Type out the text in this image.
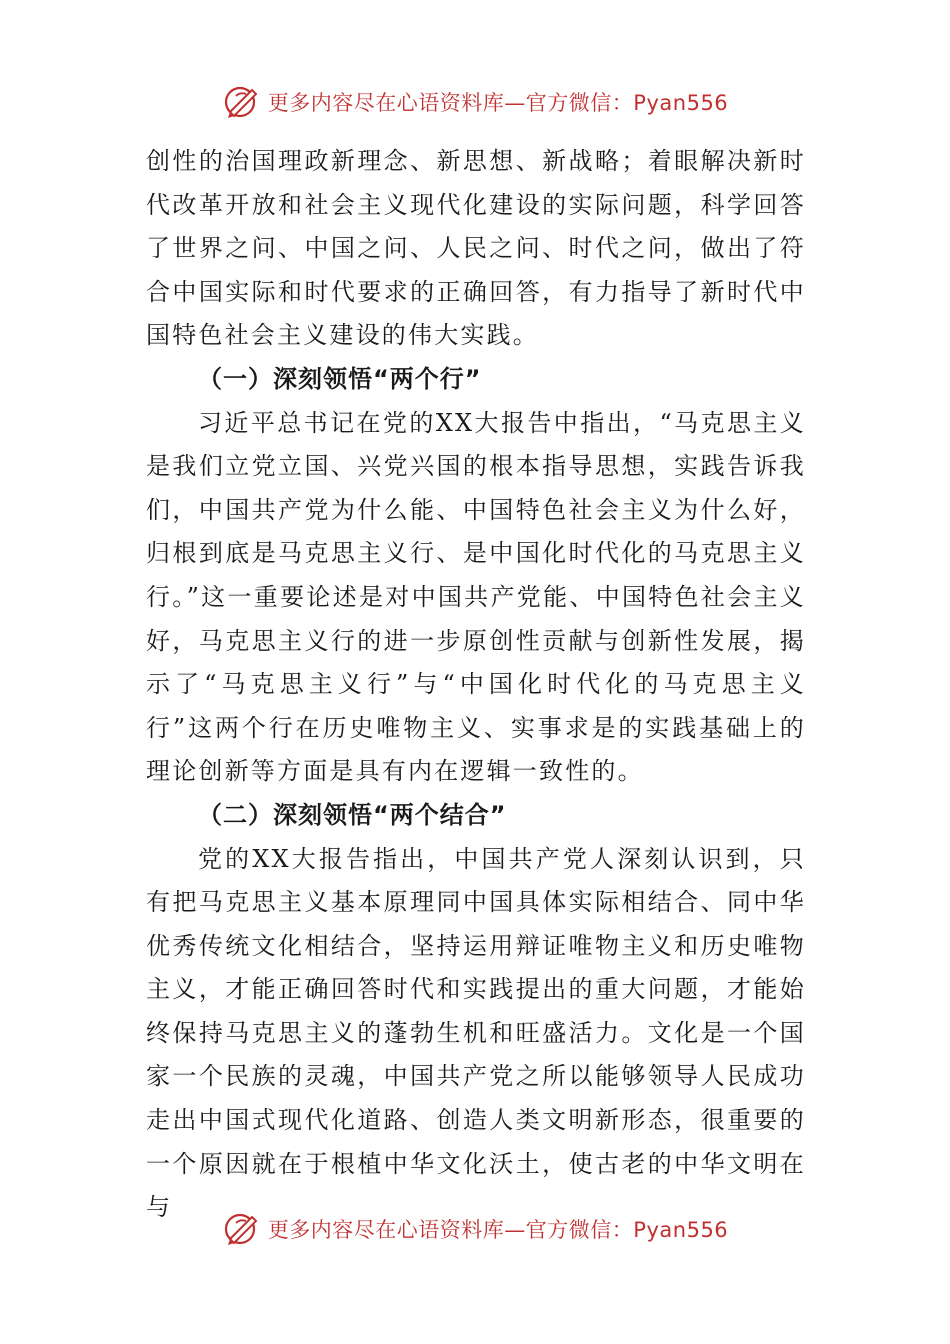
更多内容尽在心语资料库—官方微信：Pyan556

创性的治国理政新理念、新思想、新战略；着眼解决新时代改革开放和社会主义现代化建设的实际问题，科学回答了世界之问、中国之问、人民之问、时代之问，做出了符合中国实际和时代要求的正确回答，有力指导了新时代中国特色社会主义建设的伟大实践。

（一）深刻领悟“两个行”

习近平总书记在党的XX大报告中指出，“马克思主义是我们立党立国、兴党兴国的根本指导思想，实践告诉我们，中国共产党为什么能、中国特色社会主义为什么好，归根到底是马克思主义行、是中国化时代化的马克思主义行。”这一重要论述是对中国共产党能、中国特色社会主义好，马克思主义行的进一步原创性贡献与创新性发展，揭示了“马克思主义行”与“中国化时代化的马克思主义行”这两个行在历史唯物主义、实事求是的实践基础上的理论创新等方面是具有内在逻辑一致性的。

（二）深刻领悟“两个结合”

党的XX大报告指出，中国共产党人深刻认识到，只有把马克思主义基本原理同中国具体实际相结合、同中华优秀传统文化相结合，坚持运用辩证唯物主义和历史唯物主义，才能正确回答时代和实践提出的重大问题，才能始终保持马克思主义的蓬勃生机和旺盛活力。文化是一个国家一个民族的灵魂，中国共产党之所以能够领导人民成功走出中国式现代化道路、创造人类文明新形态，很重要的一个原因就在于根植中华文化沃土，使古老的中华文明在与

更多内容尽在心语资料库—官方微信：Pyan556
